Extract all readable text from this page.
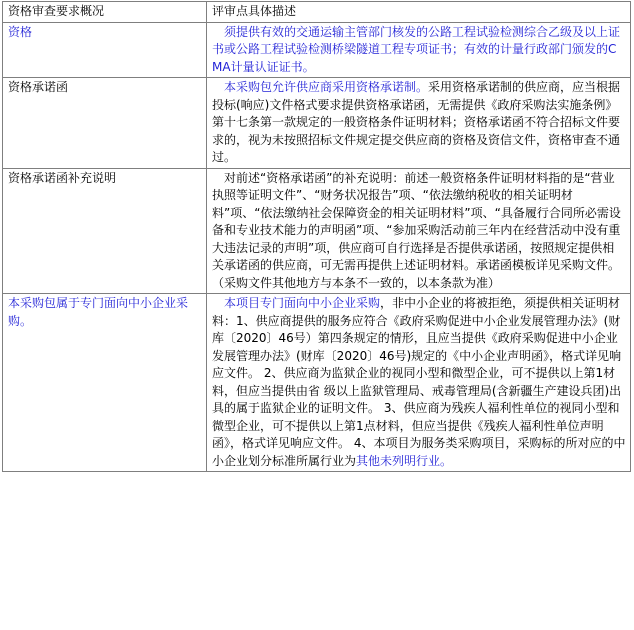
资格审查要求概况	评审点具体描述
资格	须提供有效的交通运输主管部门核发的公路工程试验检测综合乙级及以上证书或公路工程试验检测桥梁隧道工程专项证书；有效的计量行政部门颁发的CMA计量认证证书。

资格承诺函	本采购包允许供应商采用资格承诺制。采用资格承诺制的供应商，应当根据投标(响应)文件格式要求提供资格承诺函，无需提供《政府采购法实施条例》第十七条第一款规定的一般资格条件证明材料；资格承诺函不符合招标文件要求的，视为未按照招标文件规定提交供应商的资格及资信文件，资格审查不通过。

资格承诺函补充说明	对前述“资格承诺函”的补充说明：前述一般资格条件证明材料指的是“营业执照等证明文件”、“财务状况报告”项、“依法缴纳税收的相关证明材料”项、“依法缴纳社会保障资金的相关证明材料”项、“具备履行合同所必需设备和专业技术能力的声明函”项、“参加采购活动前三年内在经营活动中没有重大违法记录的声明”项，供应商可自行选择是否提供承诺函，按照规定提供相关承诺函的供应商，可无需再提供上述证明材料。承诺函模板详见采购文件。（采购文件其他地方与本条不一致的，以本条款为准）

本采购包属于专门面向中小企业采购。	本项目专门面向中小企业采购，非中小企业的将被拒绝，须提供相关证明材料：1、供应商提供的服务应符合《政府采购促进中小企业发展管理办法》(财库〔2020〕46号）第四条规定的情形，且应当提供《政府采购促进中小企业发展管理办法》(财库〔2020〕46号)规定的《中小企业声明函》，格式详见响应文件。 2、供应商为监狱企业的视同小型和微型企业，可不提供以上第1材料，但应当提供由省 级以上监狱管理局、戒毒管理局(含新疆生产建设兵团)出具的属于监狱企业的证明文件。 3、供应商为残疾人福利性单位的视同小型和微型企业，可不提供以上第1点材料，但应当提供《残疾人福利性单位声明函》，格式详见响应文件。 4、本项目为服务类采购项目，采购标的所对应的中小企业划分标准所属行业为其他未列明行业。
